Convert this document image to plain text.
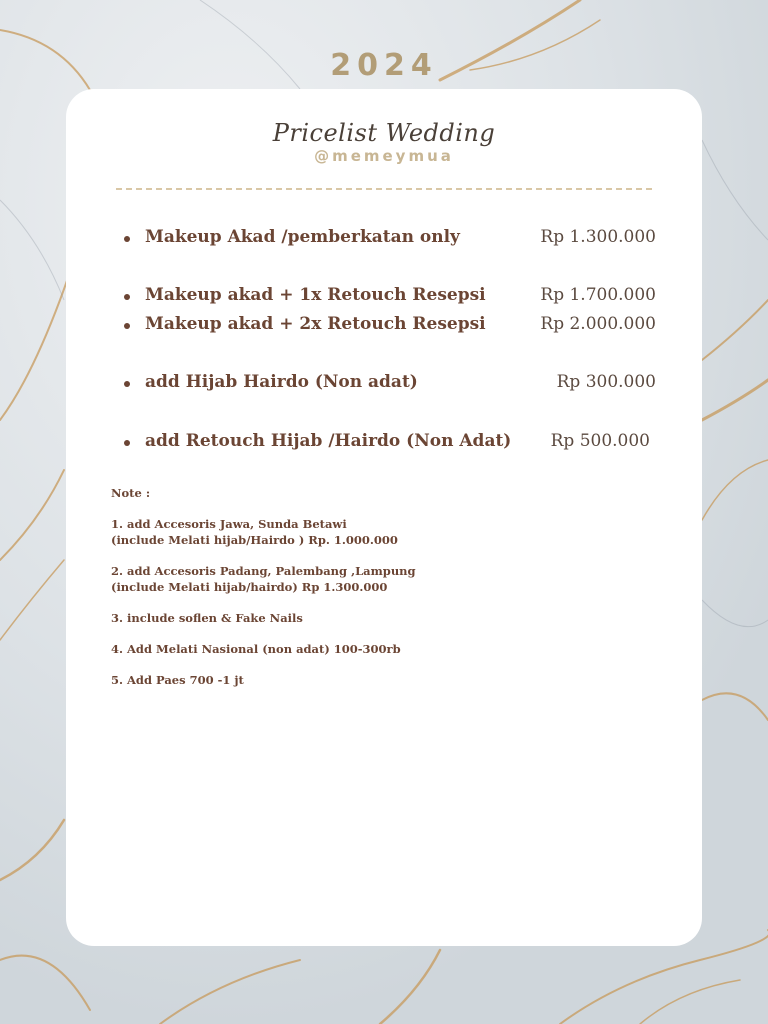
2024
Pricelist Wedding
@memeymua
Makeup Akad /pemberkatan only	Rp 1.300.000
Makeup akad + 1x Retouch Resepsi	Rp 1.700.000
Makeup akad + 2x Retouch Resepsi	Rp 2.000.000
add Hijab Hairdo (Non adat)	Rp 300.000
add Retouch Hijab /Hairdo (Non Adat) Rp 500.000
Note :
1. add Accesoris Jawa, Sunda Betawi
(include Melati hijab/Hairdo ) Rp. 1.000.000
2. add Accesoris Padang, Palembang ,Lampung
(include Melati hijab/hairdo) Rp 1.300.000
3. include soflen & Fake Nails
4. Add Melati Nasional (non adat) 100-300rb
5. Add Paes 700 -1 jt
